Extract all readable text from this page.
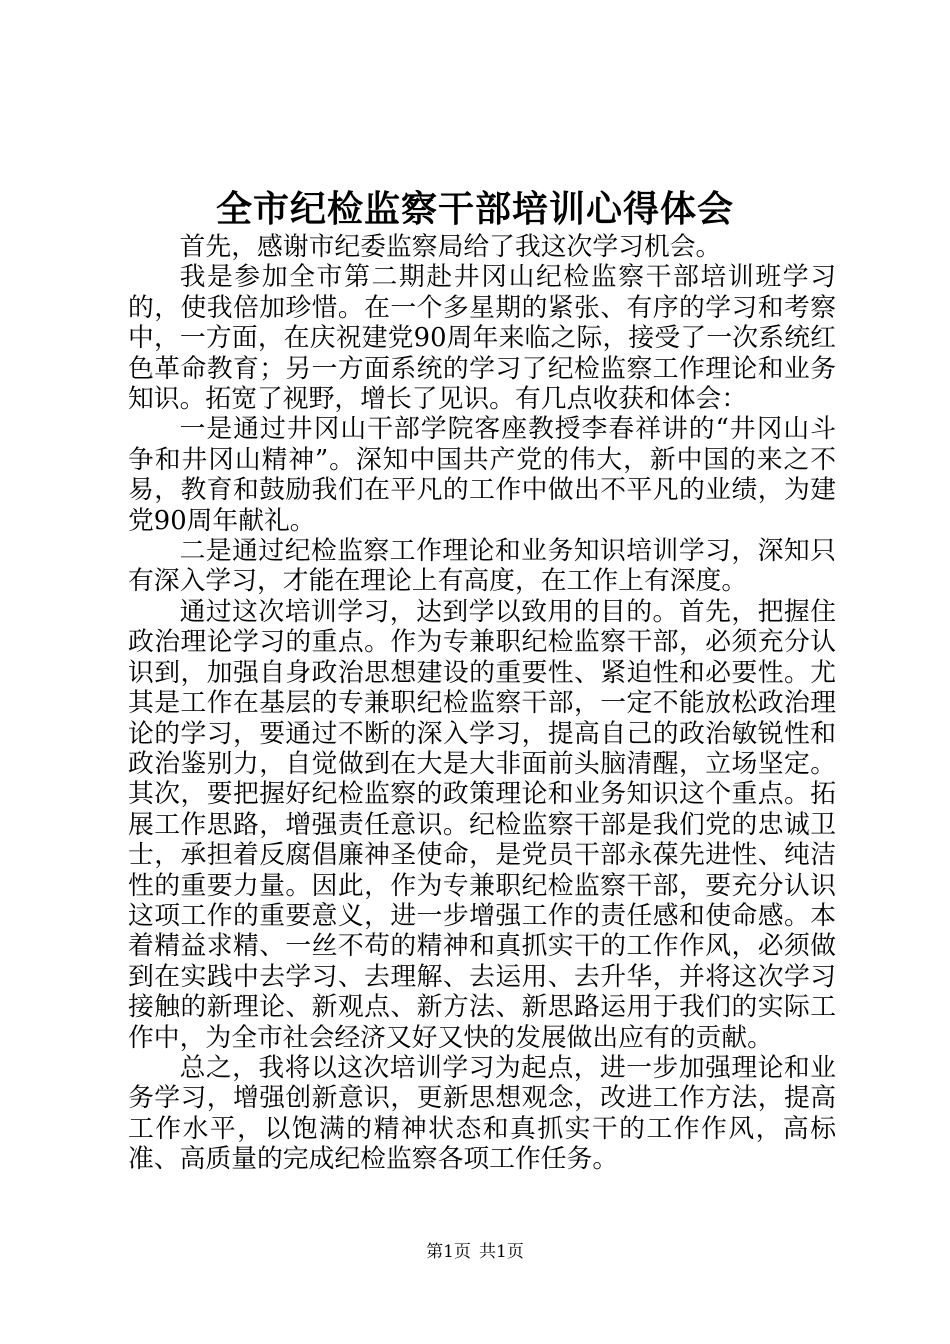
全市纪检监察干部培训心得体会

首先，感谢市纪委监察局给了我这次学习机会。

我是参加全市第二期赴井冈山纪检监察干部培训班学习的，使我倍加珍惜。在一个多星期的紧张、有序的学习和考察中，一方面，在庆祝建党90周年来临之际，接受了一次系统红色革命教育；另一方面系统的学习了纪检监察工作理论和业务知识。拓宽了视野，增长了见识。有几点收获和体会：

一是通过井冈山干部学院客座教授李春祥讲的“井冈山斗争和井冈山精神”。深知中国共产党的伟大，新中国的来之不易，教育和鼓励我们在平凡的工作中做出不平凡的业绩，为建党90周年献礼。

二是通过纪检监察工作理论和业务知识培训学习，深知只有深入学习，才能在理论上有高度，在工作上有深度。

通过这次培训学习，达到学以致用的目的。首先，把握住政治理论学习的重点。作为专兼职纪检监察干部，必须充分认识到，加强自身政治思想建设的重要性、紧迫性和必要性。尤其是工作在基层的专兼职纪检监察干部，一定不能放松政治理论的学习，要通过不断的深入学习，提高自己的政治敏锐性和政治鉴别力，自觉做到在大是大非面前头脑清醒，立场坚定。其次，要把握好纪检监察的政策理论和业务知识这个重点。拓展工作思路，增强责任意识。纪检监察干部是我们党的忠诚卫士，承担着反腐倡廉神圣使命，是党员干部永葆先进性、纯洁性的重要力量。因此，作为专兼职纪检监察干部，要充分认识这项工作的重要意义，进一步增强工作的责任感和使命感。本着精益求精、一丝不苟的精神和真抓实干的工作作风，必须做到在实践中去学习、去理解、去运用、去升华，并将这次学习接触的新理论、新观点、新方法、新思路运用于我们的实际工作中，为全市社会经济又好又快的发展做出应有的贡献。

总之，我将以这次培训学习为起点，进一步加强理论和业务学习，增强创新意识，更新思想观念，改进工作方法，提高工作水平，以饱满的精神状态和真抓实干的工作作风，高标准、高质量的完成纪检监察各项工作任务。

第1页 共1页
